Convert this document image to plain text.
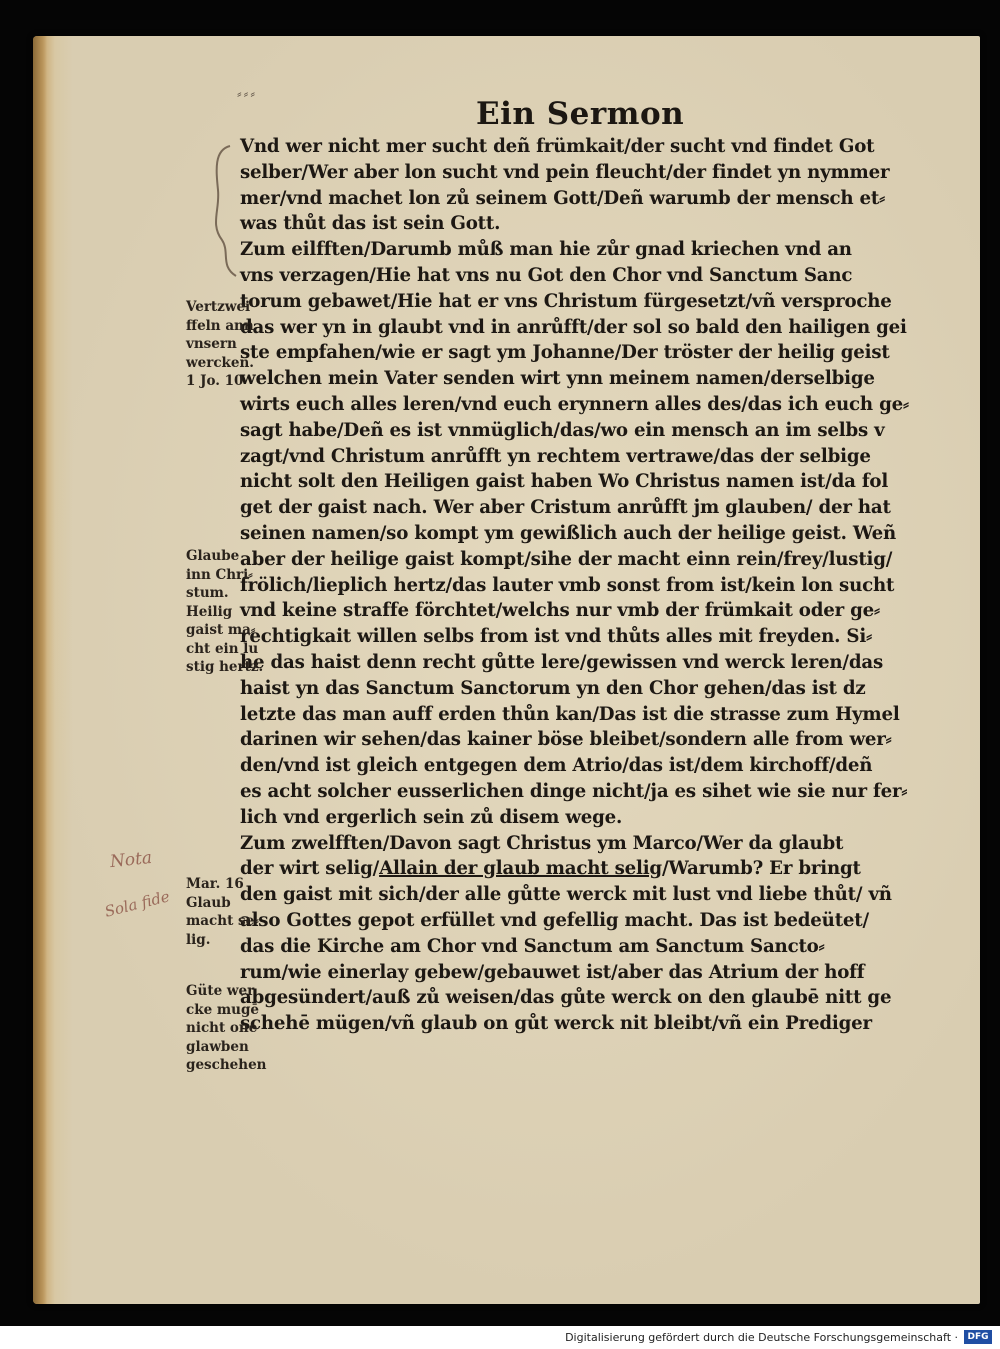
⸗⸗⸗
Ein Sermon
Vnd wer nicht mer sucht deñ frümkait/der sucht vnd findet Got
selber/Wer aber lon sucht vnd pein fleucht/der findet yn nymmer
mer/vnd machet lon zů seinem Gott/Deñ warumb der mensch et⸗
was thůt das ist sein Gott.
Zum eilfften/Darumb můß man hie zůr gnad kriechen vnd an
vns verzagen/Hie hat vns nu Got den Chor vnd Sanctum Sanc
torum gebawet/Hie hat er vns Christum fürgesetzt/vñ versproche
das wer yn in glaubt vnd in anrůfft/der sol so bald den hailigen gei
ste empfahen/wie er sagt ym Johanne/Der tröster der heilig geist
welchen mein Vater senden wirt ynn meinem namen/derselbige
wirts euch alles leren/vnd euch erynnern alles des/das ich euch ge⸗
sagt habe/Deñ es ist vnmüglich/das/wo ein mensch an im selbs v
zagt/vnd Christum anrůfft yn rechtem vertrawe/das der selbige
nicht solt den Heiligen gaist haben Wo Christus namen ist/da fol
get der gaist nach. Wer aber Cristum anrůfft jm glauben/ der hat
seinen namen/so kompt ym gewißlich auch der heilige geist. Weñ
aber der heilige gaist kompt/sihe der macht einn rein/frey/lustig/
frölich/lieplich hertz/das lauter vmb sonst from ist/kein lon sucht
vnd keine straffe förchtet/welchs nur vmb der frümkait oder ge⸗
rechtigkait willen selbs from ist vnd thůts alles mit freyden. Si⸗
he das haist denn recht gůtte lere/gewissen vnd werck leren/das
haist yn das Sanctum Sanctorum yn den Chor gehen/das ist dz
letzte das man auff erden thůn kan/Das ist die strasse zum Hymel
darinen wir sehen/das kainer böse bleibet/sondern alle from wer⸗
den/vnd ist gleich entgegen dem Atrio/das ist/dem kirchoff/deñ
es acht solcher eusserlichen dinge nicht/ja es sihet wie sie nur fer⸗
lich vnd ergerlich sein zů disem wege.
Zum zwelfften/Davon sagt Christus ym Marco/Wer da glaubt
der wirt selig/Allain der glaub macht selig/Warumb? Er bringt
den gaist mit sich/der alle gůtte werck mit lust vnd liebe thůt/ vñ
also Gottes gepot erfüllet vnd gefellig macht. Das ist bedeütet/
das die Kirche am Chor vnd Sanctum am Sanctum Sancto⸗
rum/wie einerlay gebew/gebauwet ist/aber das Atrium der hoff
abgesündert/auß zů weisen/das gůte werck on den glaubē nitt ge
schehē mügen/vñ glaub on gůt werck nit bleibt/vñ ein Prediger
Vertzwei
ffeln ann
vnsern
wercken.
1 Jo. 10
Glaube
inn Chri⸗
stum.
Heilig
gaist ma⸗
cht ein lu
stig hertz.
Mar. 16
Glaub
macht se⸗
lig.
Güte wer
cke mugē
nicht one
glawben
geschehen
Nota
Sola fide
Digitalisierung gefördert durch die Deutsche Forschungsgemeinschaft ·	DFG
